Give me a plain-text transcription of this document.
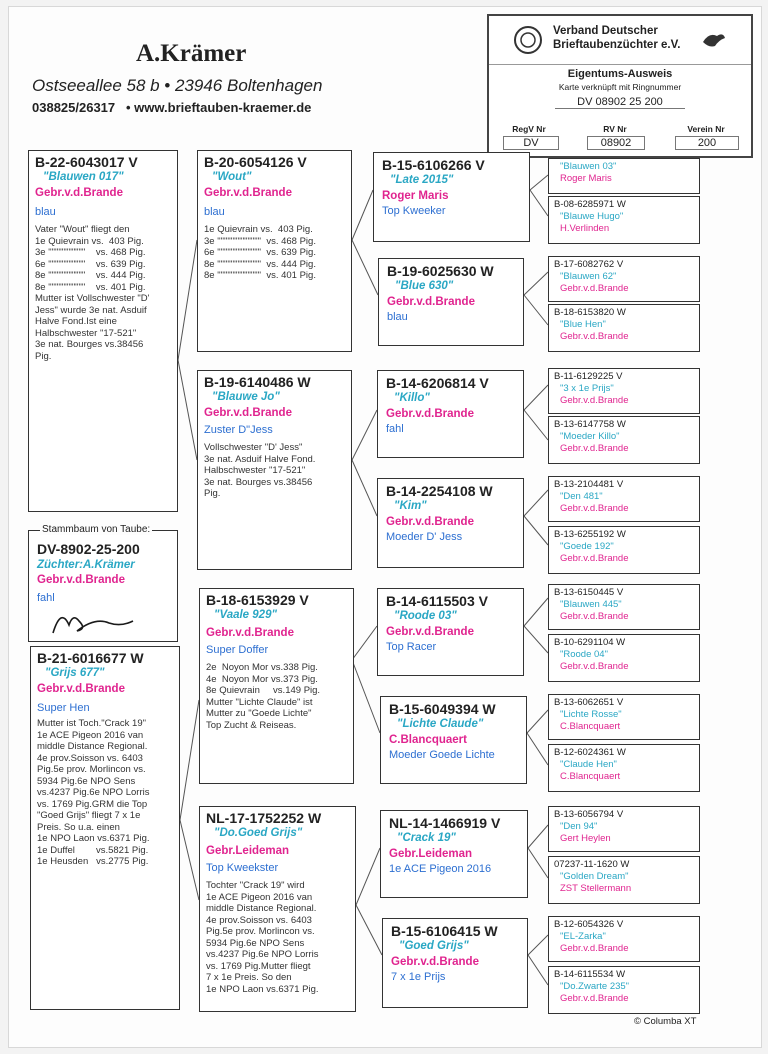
A.Krämer
Ostseeallee 58 b • 23946 Boltenhagen
038825/26317 • www.brieftauben-kraemer.de
Verband Deutscher
Brieftaubenzüchter e.V.
Eigentums-Ausweis
Karte verknüpft mit Ringnummer
DV 08902 25 200
RegV Nr	RV Nr	Verein Nr
DV	08902	200
B-22-6043017 V
"Blauwen 017"
Gebr.v.d.Brande
blau
Vater "Wout" fliegt den
1e Quievrain vs.  403 Pig.
3e """""""""""    vs. 468 Pig.
6e """""""""""    vs. 639 Pig.
8e """""""""""    vs. 444 Pig.
8e """""""""""    vs. 401 Pig.
Mutter ist Vollschwester "D'
Jess" wurde 3e nat. Asduif
Halve Fond.Ist eine
Halbschwester "17-521"
3e nat. Bourges vs.38456
Pig.
Stammbaum von Taube:
DV-8902-25-200
Züchter:A.Krämer
Gebr.v.d.Brande
fahl
B-21-6016677 W
"Grijs 677"
Gebr.v.d.Brande
Super Hen
Mutter ist Toch."Crack 19"
1e ACE Pigeon 2016 van
middle Distance Regional.
4e prov.Soisson vs. 6403
Pig.5e prov. Morlincon vs.
5934 Pig.6e NPO Sens
vs.4237 Pig.6e NPO Lorris
vs. 1769 Pig.GRM die Top
"Goed Grijs" fliegt 7 x 1e
Preis. So u.a. einen
1e NPO Laon vs.6371 Pig.
1e Duffel        vs.5821 Pig.
1e Heusden   vs.2775 Pig.
B-20-6054126 V
"Wout"
Gebr.v.d.Brande
blau
1e Quievrain vs.  403 Pig.
3e """""""""""""  vs. 468 Pig.
6e """""""""""""  vs. 639 Pig.
8e """""""""""""  vs. 444 Pig.
8e """""""""""""  vs. 401 Pig.
B-19-6140486 W
"Blauwe Jo"
Gebr.v.d.Brande
Zuster D"Jess
Vollschwester "D' Jess"
3e nat. Asduif Halve Fond.
Halbschwester "17-521"
3e nat. Bourges vs.38456
Pig.
B-18-6153929 V
"Vaale 929"
Gebr.v.d.Brande
Super Doffer
2e  Noyon Mor vs.338 Pig.
4e  Noyon Mor vs.373 Pig.
8e Quievrain     vs.149 Pig.
Mutter "Lichte Claude" ist
Mutter zu "Goede Lichte"
Top Zucht & Reiseas.
NL-17-1752252 W
"Do.Goed Grijs"
Gebr.Leideman
Top Kweekster
Tochter "Crack 19" wird
1e ACE Pigeon 2016 van
middle Distance Regional.
4e prov.Soisson vs. 6403
Pig.5e prov. Morlincon vs.
5934 Pig.6e NPO Sens
vs.4237 Pig.6e NPO Lorris
vs. 1769 Pig.Mutter fliegt
7 x 1e Preis. So den
1e NPO Laon vs.6371 Pig.
B-15-6106266 V
"Late 2015"
Roger Maris
Top Kweeker
B-19-6025630 W
"Blue 630"
Gebr.v.d.Brande
blau
B-14-6206814 V
"Killo"
Gebr.v.d.Brande
fahl
B-14-2254108 W
"Kim"
Gebr.v.d.Brande
Moeder D' Jess
B-14-6115503 V
"Roode 03"
Gebr.v.d.Brande
Top Racer
B-15-6049394 W
"Lichte Claude"
C.Blancquaert
Moeder Goede Lichte
NL-14-1466919 V
"Crack 19"
Gebr.Leideman
1e ACE Pigeon 2016
B-15-6106415 W
"Goed Grijs"
Gebr.v.d.Brande
7 x 1e Prijs
"Blauwen 03"
Roger Maris
B-08-6285971 W
"Blauwe Hugo"
H.Verlinden
B-17-6082762 V
"Blauwen 62"
Gebr.v.d.Brande
B-18-6153820 W
"Blue Hen"
Gebr.v.d.Brande
B-11-6129225 V
"3 x 1e Prijs"
Gebr.v.d.Brande
B-13-6147758 W
"Moeder Killo"
Gebr.v.d.Brande
B-13-2104481 V
"Den 481"
Gebr.v.d.Brande
B-13-6255192 W
"Goede 192"
Gebr.v.d.Brande
B-13-6150445 V
"Blauwen 445"
Gebr.v.d.Brande
B-10-6291104 W
"Roode 04"
Gebr.v.d.Brande
B-13-6062651 V
"Lichte Rosse"
C.Blancquaert
B-12-6024361 W
"Claude Hen"
C.Blancquaert
B-13-6056794 V
"Den 94"
Gert Heylen
07237-11-1620 W
"Golden Dream"
ZST Stellermann
B-12-6054326 V
"EL-Zarka"
Gebr.v.d.Brande
B-14-6115534 W
"Do.Zwarte 235"
Gebr.v.d.Brande
© Columba XT
